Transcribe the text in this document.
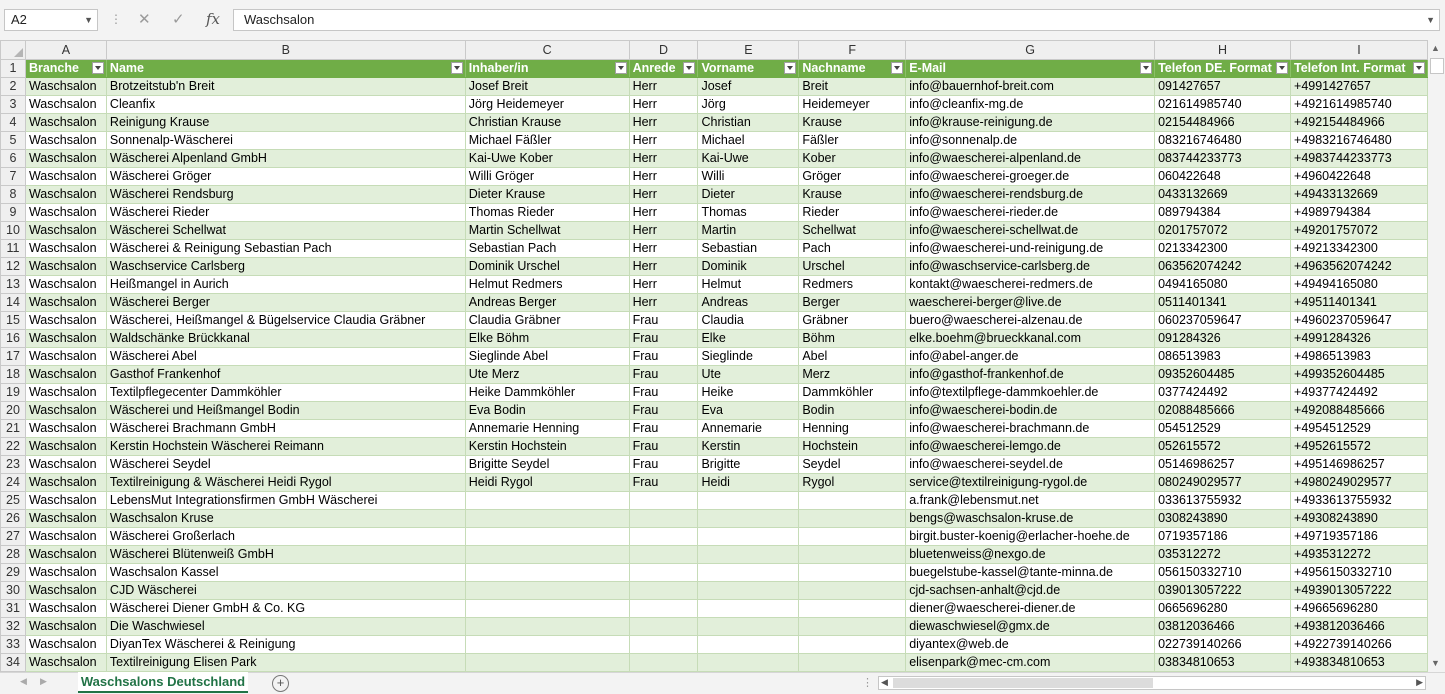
A2	▼ ⋮ ✕ ✓ fx	Waschsalon	▼
	A	B	C	D	E	F	G	H	I
1	Branche	Name	Inhaber/in	Anrede	Vorname	Nachname	E-Mail	Telefon DE. Format	Telefon Int. Format

2	Waschsalon	Brotzeitstub'n Breit	Josef Breit	Herr	Josef	Breit	info@bauernhof-breit.com	091427657	+4991427657
3	Waschsalon	Cleanfix	Jörg Heidemeyer	Herr	Jörg	Heidemeyer	info@cleanfix-mg.de	021614985740	+4921614985740
4	Waschsalon	Reinigung Krause	Christian Krause	Herr	Christian	Krause	info@krause-reinigung.de	02154484966	+492154484966
5	Waschsalon	Sonnenalp-Wäscherei	Michael Fäßler	Herr	Michael	Fäßler	info@sonnenalp.de	083216746480	+4983216746480
6	Waschsalon	Wäscherei Alpenland GmbH	Kai-Uwe Kober	Herr	Kai-Uwe	Kober	info@waescherei-alpenland.de	083744233773	+4983744233773
7	Waschsalon	Wäscherei Gröger	Willi Gröger	Herr	Willi	Gröger	info@waescherei-groeger.de	060422648	+4960422648
8	Waschsalon	Wäscherei Rendsburg	Dieter Krause	Herr	Dieter	Krause	info@waescherei-rendsburg.de	0433132669	+49433132669
9	Waschsalon	Wäscherei Rieder	Thomas Rieder	Herr	Thomas	Rieder	info@waescherei-rieder.de	089794384	+4989794384
10	Waschsalon	Wäscherei Schellwat	Martin Schellwat	Herr	Martin	Schellwat	info@waescherei-schellwat.de	0201757072	+49201757072
11	Waschsalon	Wäscherei & Reinigung Sebastian Pach	Sebastian Pach	Herr	Sebastian	Pach	info@waescherei-und-reinigung.de	0213342300	+49213342300
12	Waschsalon	Waschservice Carlsberg	Dominik Urschel	Herr	Dominik	Urschel	info@waschservice-carlsberg.de	063562074242	+4963562074242
13	Waschsalon	Heißmangel in Aurich	Helmut Redmers	Herr	Helmut	Redmers	kontakt@waescherei-redmers.de	0494165080	+49494165080
14	Waschsalon	Wäscherei Berger	Andreas Berger	Herr	Andreas	Berger	waescherei-berger@live.de	0511401341	+49511401341
15	Waschsalon	Wäscherei, Heißmangel & Bügelservice Claudia Gräbner	Claudia Gräbner	Frau	Claudia	Gräbner	buero@waescherei-alzenau.de	060237059647	+4960237059647
16	Waschsalon	Waldschänke Brückkanal	Elke Böhm	Frau	Elke	Böhm	elke.boehm@brueckkanal.com	091284326	+4991284326
17	Waschsalon	Wäscherei Abel	Sieglinde Abel	Frau	Sieglinde	Abel	info@abel-anger.de	086513983	+4986513983
18	Waschsalon	Gasthof Frankenhof	Ute Merz	Frau	Ute	Merz	info@gasthof-frankenhof.de	09352604485	+499352604485
19	Waschsalon	Textilpflegecenter Dammköhler	Heike Dammköhler	Frau	Heike	Dammköhler	info@textilpflege-dammkoehler.de	0377424492	+49377424492
20	Waschsalon	Wäscherei und Heißmangel Bodin	Eva Bodin	Frau	Eva	Bodin	info@waescherei-bodin.de	02088485666	+492088485666
21	Waschsalon	Wäscherei Brachmann GmbH	Annemarie Henning	Frau	Annemarie	Henning	info@waescherei-brachmann.de	054512529	+4954512529
22	Waschsalon	Kerstin Hochstein Wäscherei Reimann	Kerstin Hochstein	Frau	Kerstin	Hochstein	info@waescherei-lemgo.de	052615572	+4952615572
23	Waschsalon	Wäscherei Seydel	Brigitte Seydel	Frau	Brigitte	Seydel	info@waescherei-seydel.de	05146986257	+495146986257
24	Waschsalon	Textilreinigung & Wäscherei Heidi Rygol	Heidi Rygol	Frau	Heidi	Rygol	service@textilreinigung-rygol.de	080249029577	+4980249029577
25	Waschsalon	LebensMut Integrationsfirmen GmbH Wäscherei					a.frank@lebensmut.net	033613755932	+4933613755932
26	Waschsalon	Waschsalon Kruse					bengs@waschsalon-kruse.de	0308243890	+49308243890
27	Waschsalon	Wäscherei Großerlach					birgit.buster-koenig@erlacher-hoehe.de	0719357186	+49719357186
28	Waschsalon	Wäscherei Blütenweiß GmbH					bluetenweiss@nexgo.de	035312272	+4935312272
29	Waschsalon	Waschsalon Kassel					buegelstube-kassel@tante-minna.de	056150332710	+4956150332710
30	Waschsalon	CJD Wäscherei					cjd-sachsen-anhalt@cjd.de	039013057222	+4939013057222
31	Waschsalon	Wäscherei Diener GmbH & Co. KG					diener@waescherei-diener.de	0665696280	+49665696280
32	Waschsalon	Die Waschwiesel					diewaschwiesel@gmx.de	03812036466	+493812036466
33	Waschsalon	DiyanTex Wäscherei & Reinigung					diyantex@web.de	022739140266	+4922739140266
34	Waschsalon	Textilreinigung Elisen Park					elisenpark@mec-cm.com	03834810653	+493834810653
▲
▼
◀ ▶	Waschsalons Deutschland	+	⋮ ◀	▶
